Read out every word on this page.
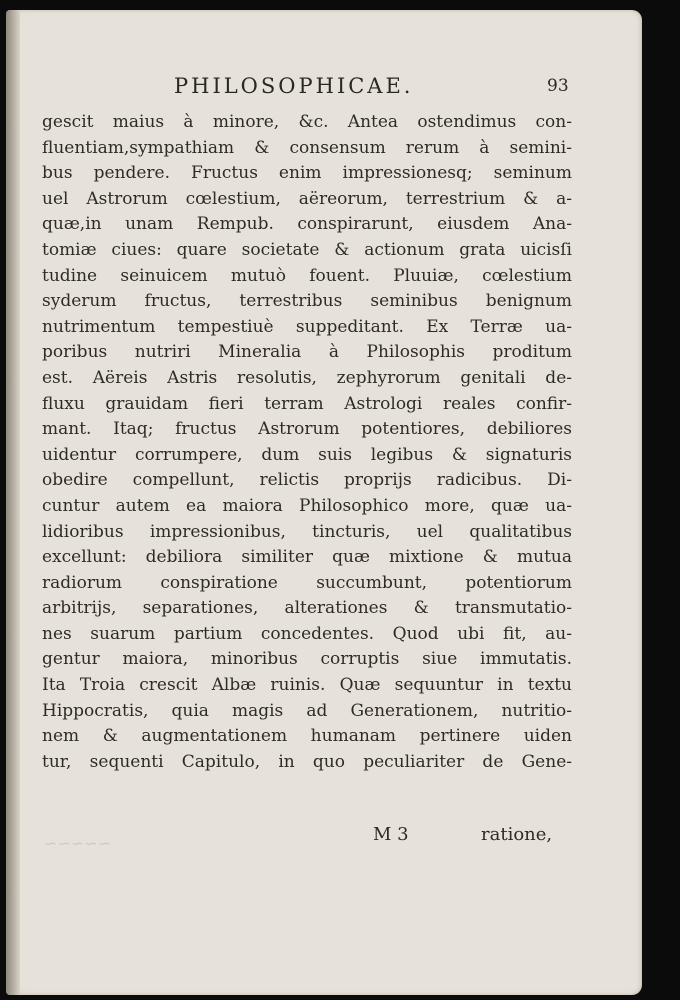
PHILOSOPHICAE.	93
gescit maius à minore, &c. Antea ostendimus con-
fluentiam,sympathiam & consensum rerum à semini-
bus pendere. Fructus enim impressionesq; seminum
uel Astrorum cœlestium, aëreorum, terrestrium & a-
quæ,in unam Rempub. conspirarunt, eiusdem Ana-
tomiæ ciues: quare societate & actionum grata uicisſi
tudine seinuicem mutuò fouent. Pluuiæ, cœlestium
syderum fructus, terrestribus seminibus benignum
nutrimentum tempestiuè suppeditant. Ex Terræ ua-
poribus nutriri Mineralia à Philosophis proditum
est. Aëreis Astris resolutis, zephyrorum genitali de-
fluxu grauidam fieri terram Astrologi reales confir-
mant. Itaq; fructus Astrorum potentiores, debiliores
uidentur corrumpere, dum suis legibus & signaturis
obedire compellunt, relictis proprijs radicibus. Di-
cuntur autem ea maiora Philosophico more, quæ ua-
lidioribus impressionibus, tincturis, uel qualitatibus
excellunt: debiliora similiter quæ mixtione & mutua
radiorum conspiratione succumbunt, potentiorum
arbitrijs, separationes, alterationes & transmutatio-
nes suarum partium concedentes. Quod ubi fit, au-
gentur maiora, minoribus corruptis siue immutatis.
Ita Troia crescit Albæ ruinis. Quæ sequuntur in textu
Hippocratis, quia magis ad Generationem, nutritio-
nem & augmentationem humanam pertinere uiden
tur, sequenti Capitulo, in quo peculiariter de Gene-
M 3	ratione,
~~~~~
